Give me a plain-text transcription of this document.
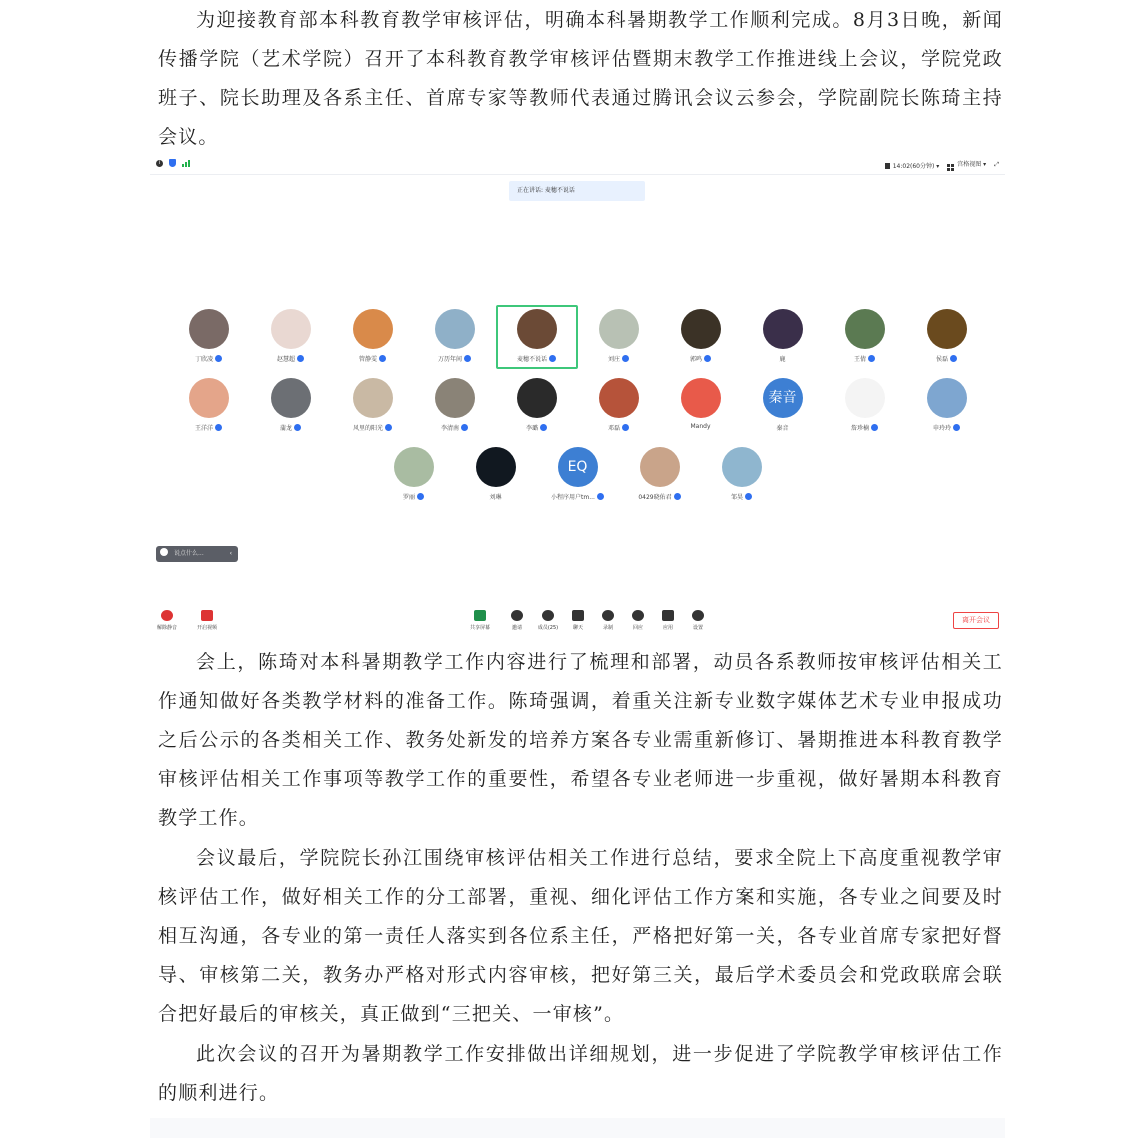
为迎接教育部本科教育教学审核评估，明确本科暑期教学工作顺利完成。8月3日晚，新闻传播学院（艺术学院）召开了本科教育教学审核评估暨期末教学工作推进线上会议，学院党政班子、院长助理及各系主任、首席专家等教师代表通过腾讯会议云参会，学院副院长陈琦主持会议。

i	14:02(60分钟) ▾	宫格视图 ▾ ⤢
正在讲话: 麦穗不说话
丁欣凌	赵慧超	管静雯	万历年间	麦穗不说话	刘庄	郭鸣	鹿	王倩	侯磊
王洋洋	蒲龙	风里的阳光	李清南	李璐	邓磊	Mandy
秦音
秦音	詹珍楠	申玲玲
罗丽	刘琳
EQ
小程序用户tm...	0429晓佑君	邹昊
说点什么...	‹
解除静音	开启视频	共享屏幕	邀请	成员(25)	聊天	录制	回应	应用	设置
离开会议

会上，陈琦对本科暑期教学工作内容进行了梳理和部署，动员各系教师按审核评估相关工作通知做好各类教学材料的准备工作。陈琦强调，着重关注新专业数字媒体艺术专业申报成功之后公示的各类相关工作、教务处新发的培养方案各专业需重新修订、暑期推进本科教育教学审核评估相关工作事项等教学工作的重要性，希望各专业老师进一步重视，做好暑期本科教育教学工作。

会议最后，学院院长孙江围绕审核评估相关工作进行总结，要求全院上下高度重视教学审核评估工作，做好相关工作的分工部署，重视、细化评估工作方案和实施，各专业之间要及时相互沟通，各专业的第一责任人落实到各位系主任，严格把好第一关，各专业首席专家把好督导、审核第二关，教务办严格对形式内容审核，把好第三关，最后学术委员会和党政联席会联合把好最后的审核关，真正做到“三把关、一审核”。

此次会议的召开为暑期教学工作安排做出详细规划，进一步促进了学院教学审核评估工作的顺利进行。
